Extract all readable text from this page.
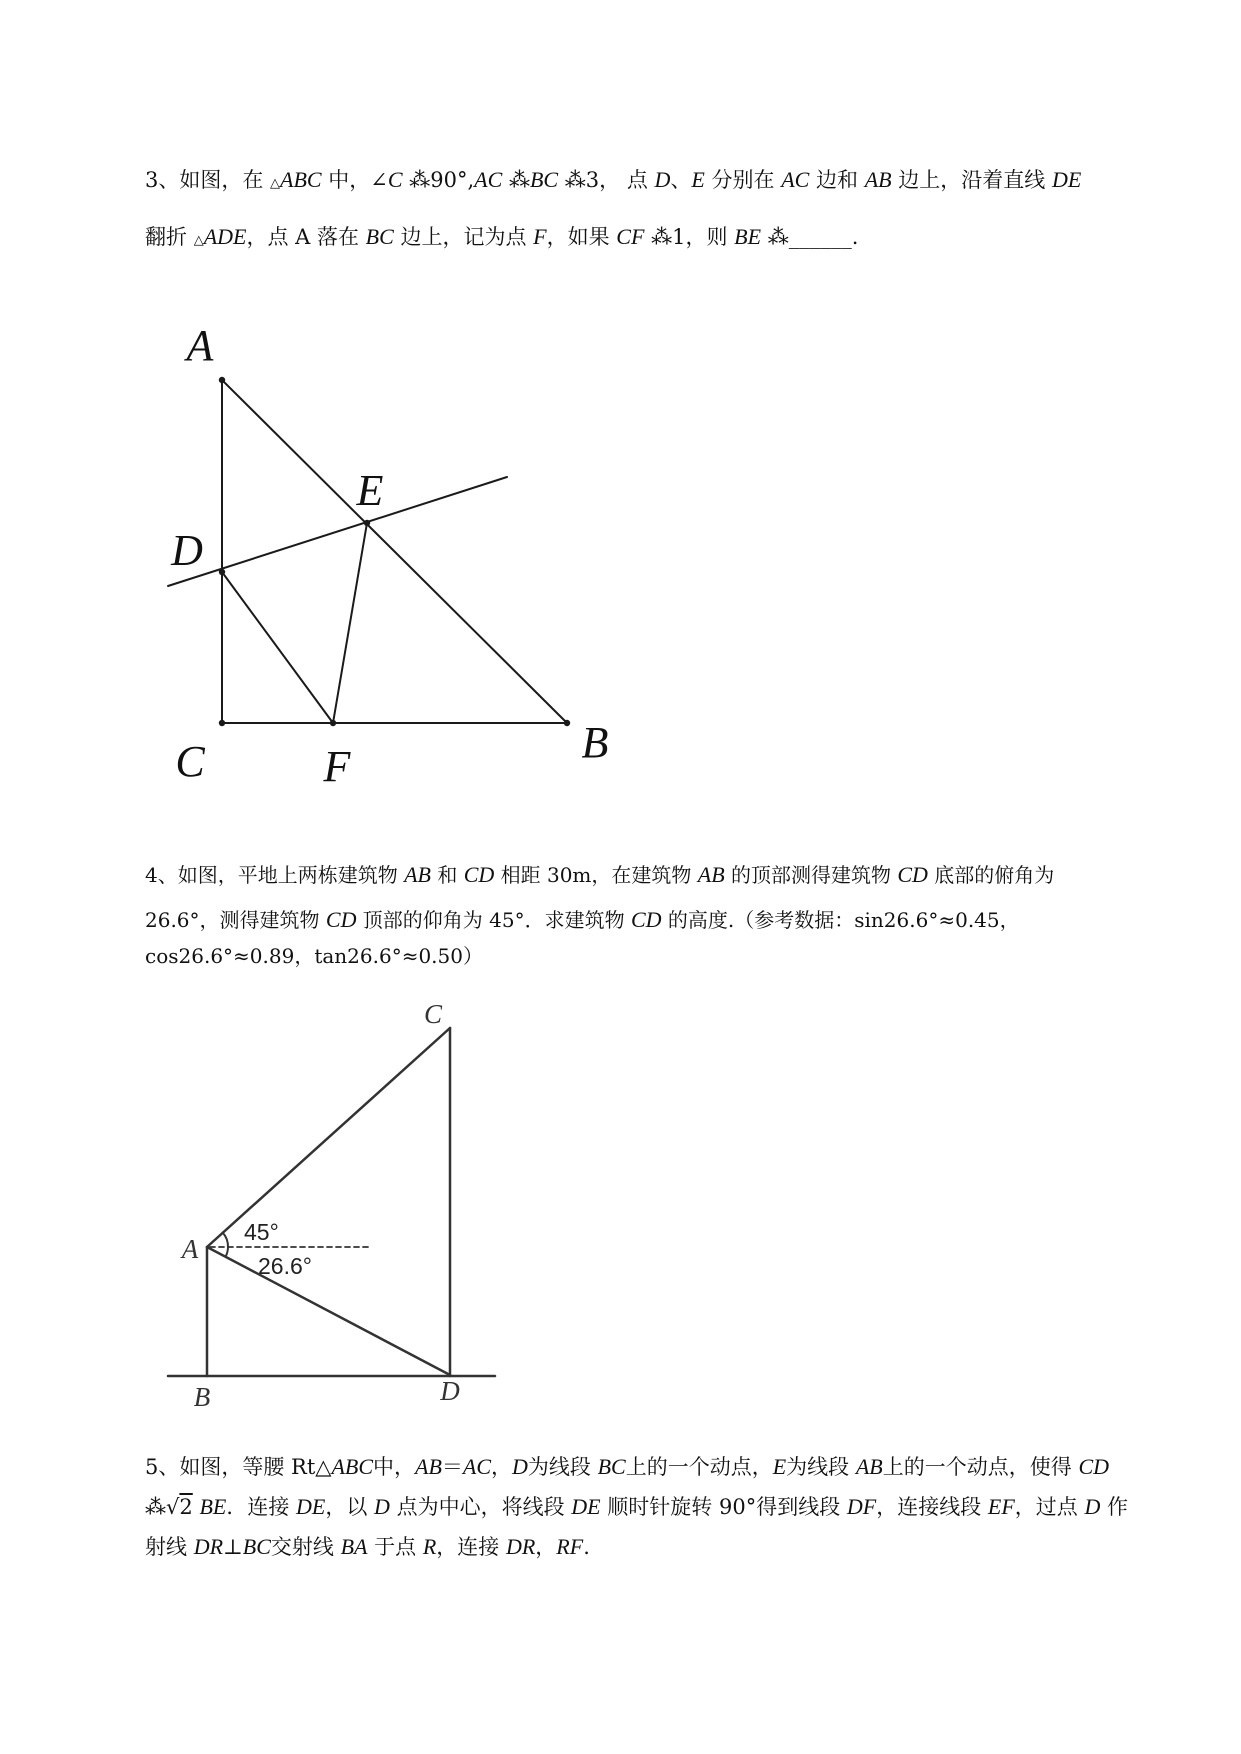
3、如图，在 △ABC 中，∠C ⁂90°,AC ⁂BC ⁂3， 点 D、E 分别在 AC 边和 AB 边上，沿着直线 DE
翻折 △ADE，点 A 落在 BC 边上，记为点 F，如果 CF ⁂1，则 BE ⁂______.
4、如图，平地上两栋建筑物 AB 和 CD 相距 30m，在建筑物 AB 的顶部测得建筑物 CD 底部的俯角为
26.6°，测得建筑物 CD 顶部的仰角为 45°．求建筑物 CD 的高度.（参考数据：sin26.6°≈0.45，
cos26.6°≈0.89，tan26.6°≈0.50）
5、如图，等腰 Rt△ABC中，AB＝AC，D为线段 BC上的一个动点，E为线段 AB上的一个动点，使得 CD
⁂√2 BE．连接 DE，以 D 点为中心，将线段 DE 顺时针旋转 90°得到线段 DF，连接线段 EF，过点 D 作
射线 DR⊥BC交射线 BA 于点 R，连接 DR，RF.
A
E
D
C	F	B
C
A
B	D
45°
26.6°
